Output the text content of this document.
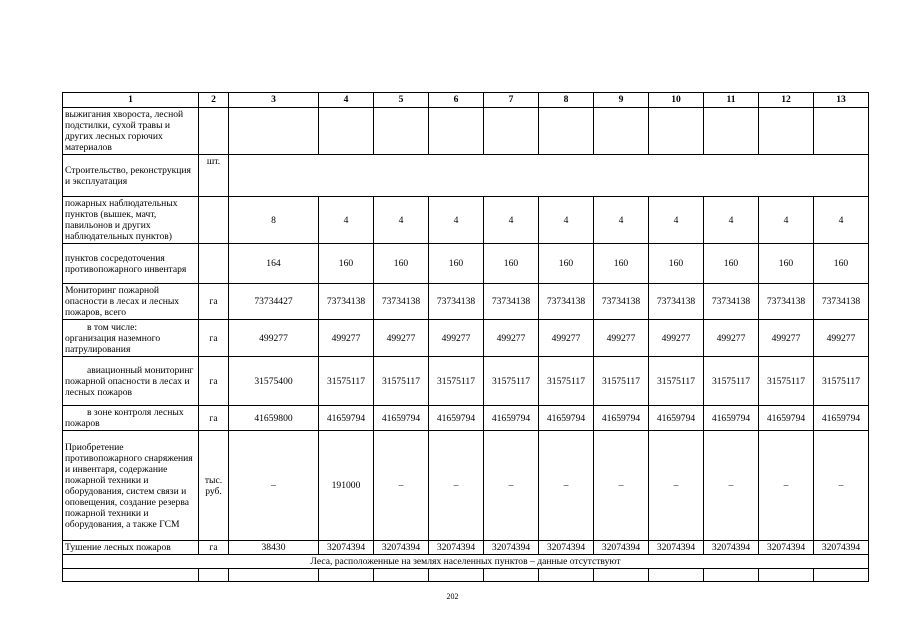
1	2	3	4	5	6	7	8	9	10	11	12	13

выжигания хвороста, лесной подстилки, сухой травы и других лесных горючих материалов												

Строительство, реконструкция и эксплуатация	шт.											

пожарных наблюдательных пунктов (вышек, мачт, павильонов и других наблюдательных пунктов)		8	4	4	4	4	4	4	4	4	4	4

пунктов сосредоточения противопожарного инвентаря		164	160	160	160	160	160	160	160	160	160	160

Мониторинг пожарной опасности в лесах и лесных пожаров, всего	га	73734427	73734138	73734138	73734138	73734138	73734138	73734138	73734138	73734138	73734138	73734138

в том числе:
организация наземного патрулирования	га	499277	499277	499277	499277	499277	499277	499277	499277	499277	499277	499277

авиационный мониторинг пожарной опасности в лесах и лесных пожаров	га	31575400	31575117	31575117	31575117	31575117	31575117	31575117	31575117	31575117	31575117	31575117

в зоне контроля лесных пожаров	га	41659800	41659794	41659794	41659794	41659794	41659794	41659794	41659794	41659794	41659794	41659794

Приобретение противопожарного снаряжения и инвентаря, содержание пожарной техники и оборудования, систем связи и оповещения, создание резерва пожарной техники и оборудования, а также ГСМ	тыс. руб.	–	191000	–	–	–	–	–	–	–	–	–

Тушение лесных пожаров	га	38430	32074394	32074394	32074394	32074394	32074394	32074394	32074394	32074394	32074394	32074394
Леса, расположенные на землях населенных пунктов – данные отсутствуют												

202
